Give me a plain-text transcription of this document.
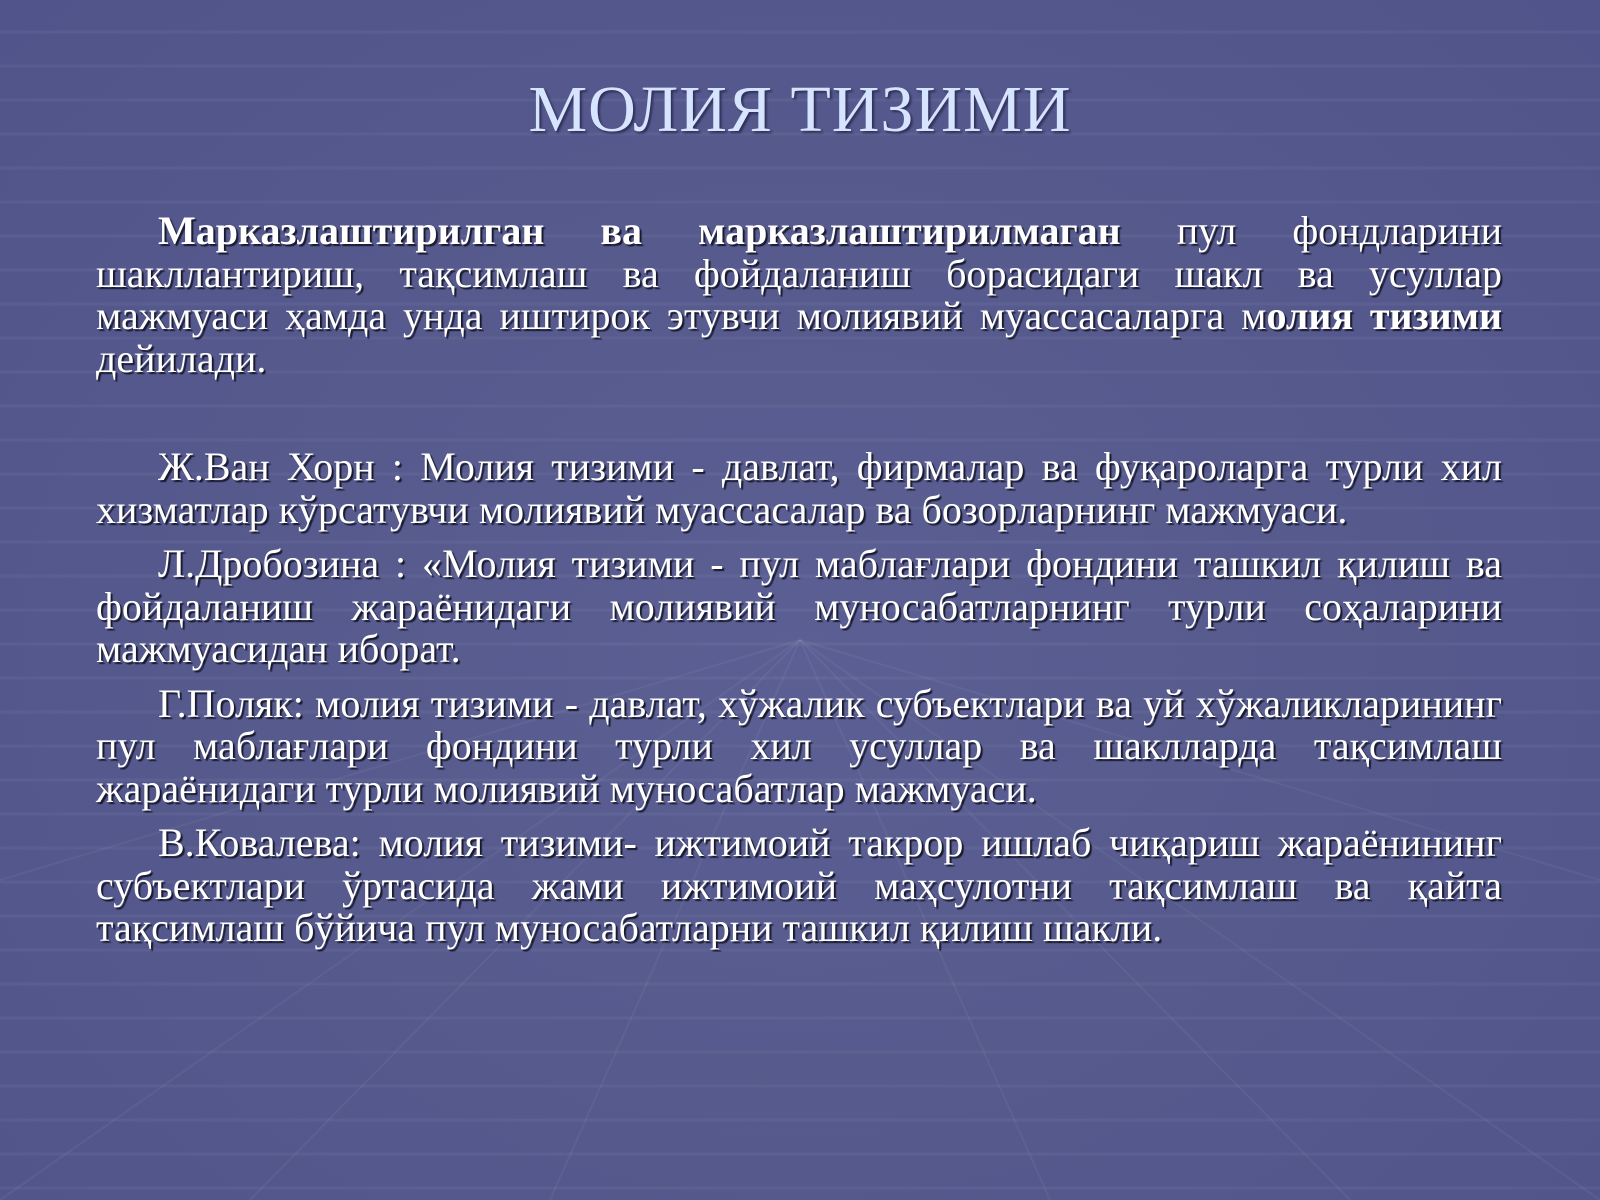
МОЛИЯ ТИЗИМИ

Марказлаштирилган ва марказлаштирилмаган пул фондларини шакллантириш, тақсимлаш ва фойдаланиш борасидаги шакл ва усуллар мажмуаси ҳамда унда иштирок этувчи молиявий муассасаларга молия тизими дейилади.

Ж.Ван Хорн : Молия тизими - давлат, фирмалар ва фуқароларга турли хил хизматлар кўрсатувчи молиявий муассасалар ва бозорларнинг мажмуаси.

Л.Дробозина : «Молия тизими - пул маблағлари фондини ташкил қилиш ва фойдаланиш жараёнидаги молиявий муносабатларнинг турли соҳаларини мажмуасидан иборат.

Г.Поляк: молия тизими - давлат, хўжалик субъектлари ва уй хўжаликларининг пул маблағлари фондини турли хил усуллар ва шаклларда тақсимлаш жараёнидаги турли молиявий муносабатлар мажмуаси.

В.Ковалева: молия тизими- ижтимоий такрор ишлаб чиқариш жараёнининг субъектлари ўртасида жами ижтимоий маҳсулотни тақсимлаш ва қайта тақсимлаш бўйича пул муносабатларни ташкил қилиш шакли.
